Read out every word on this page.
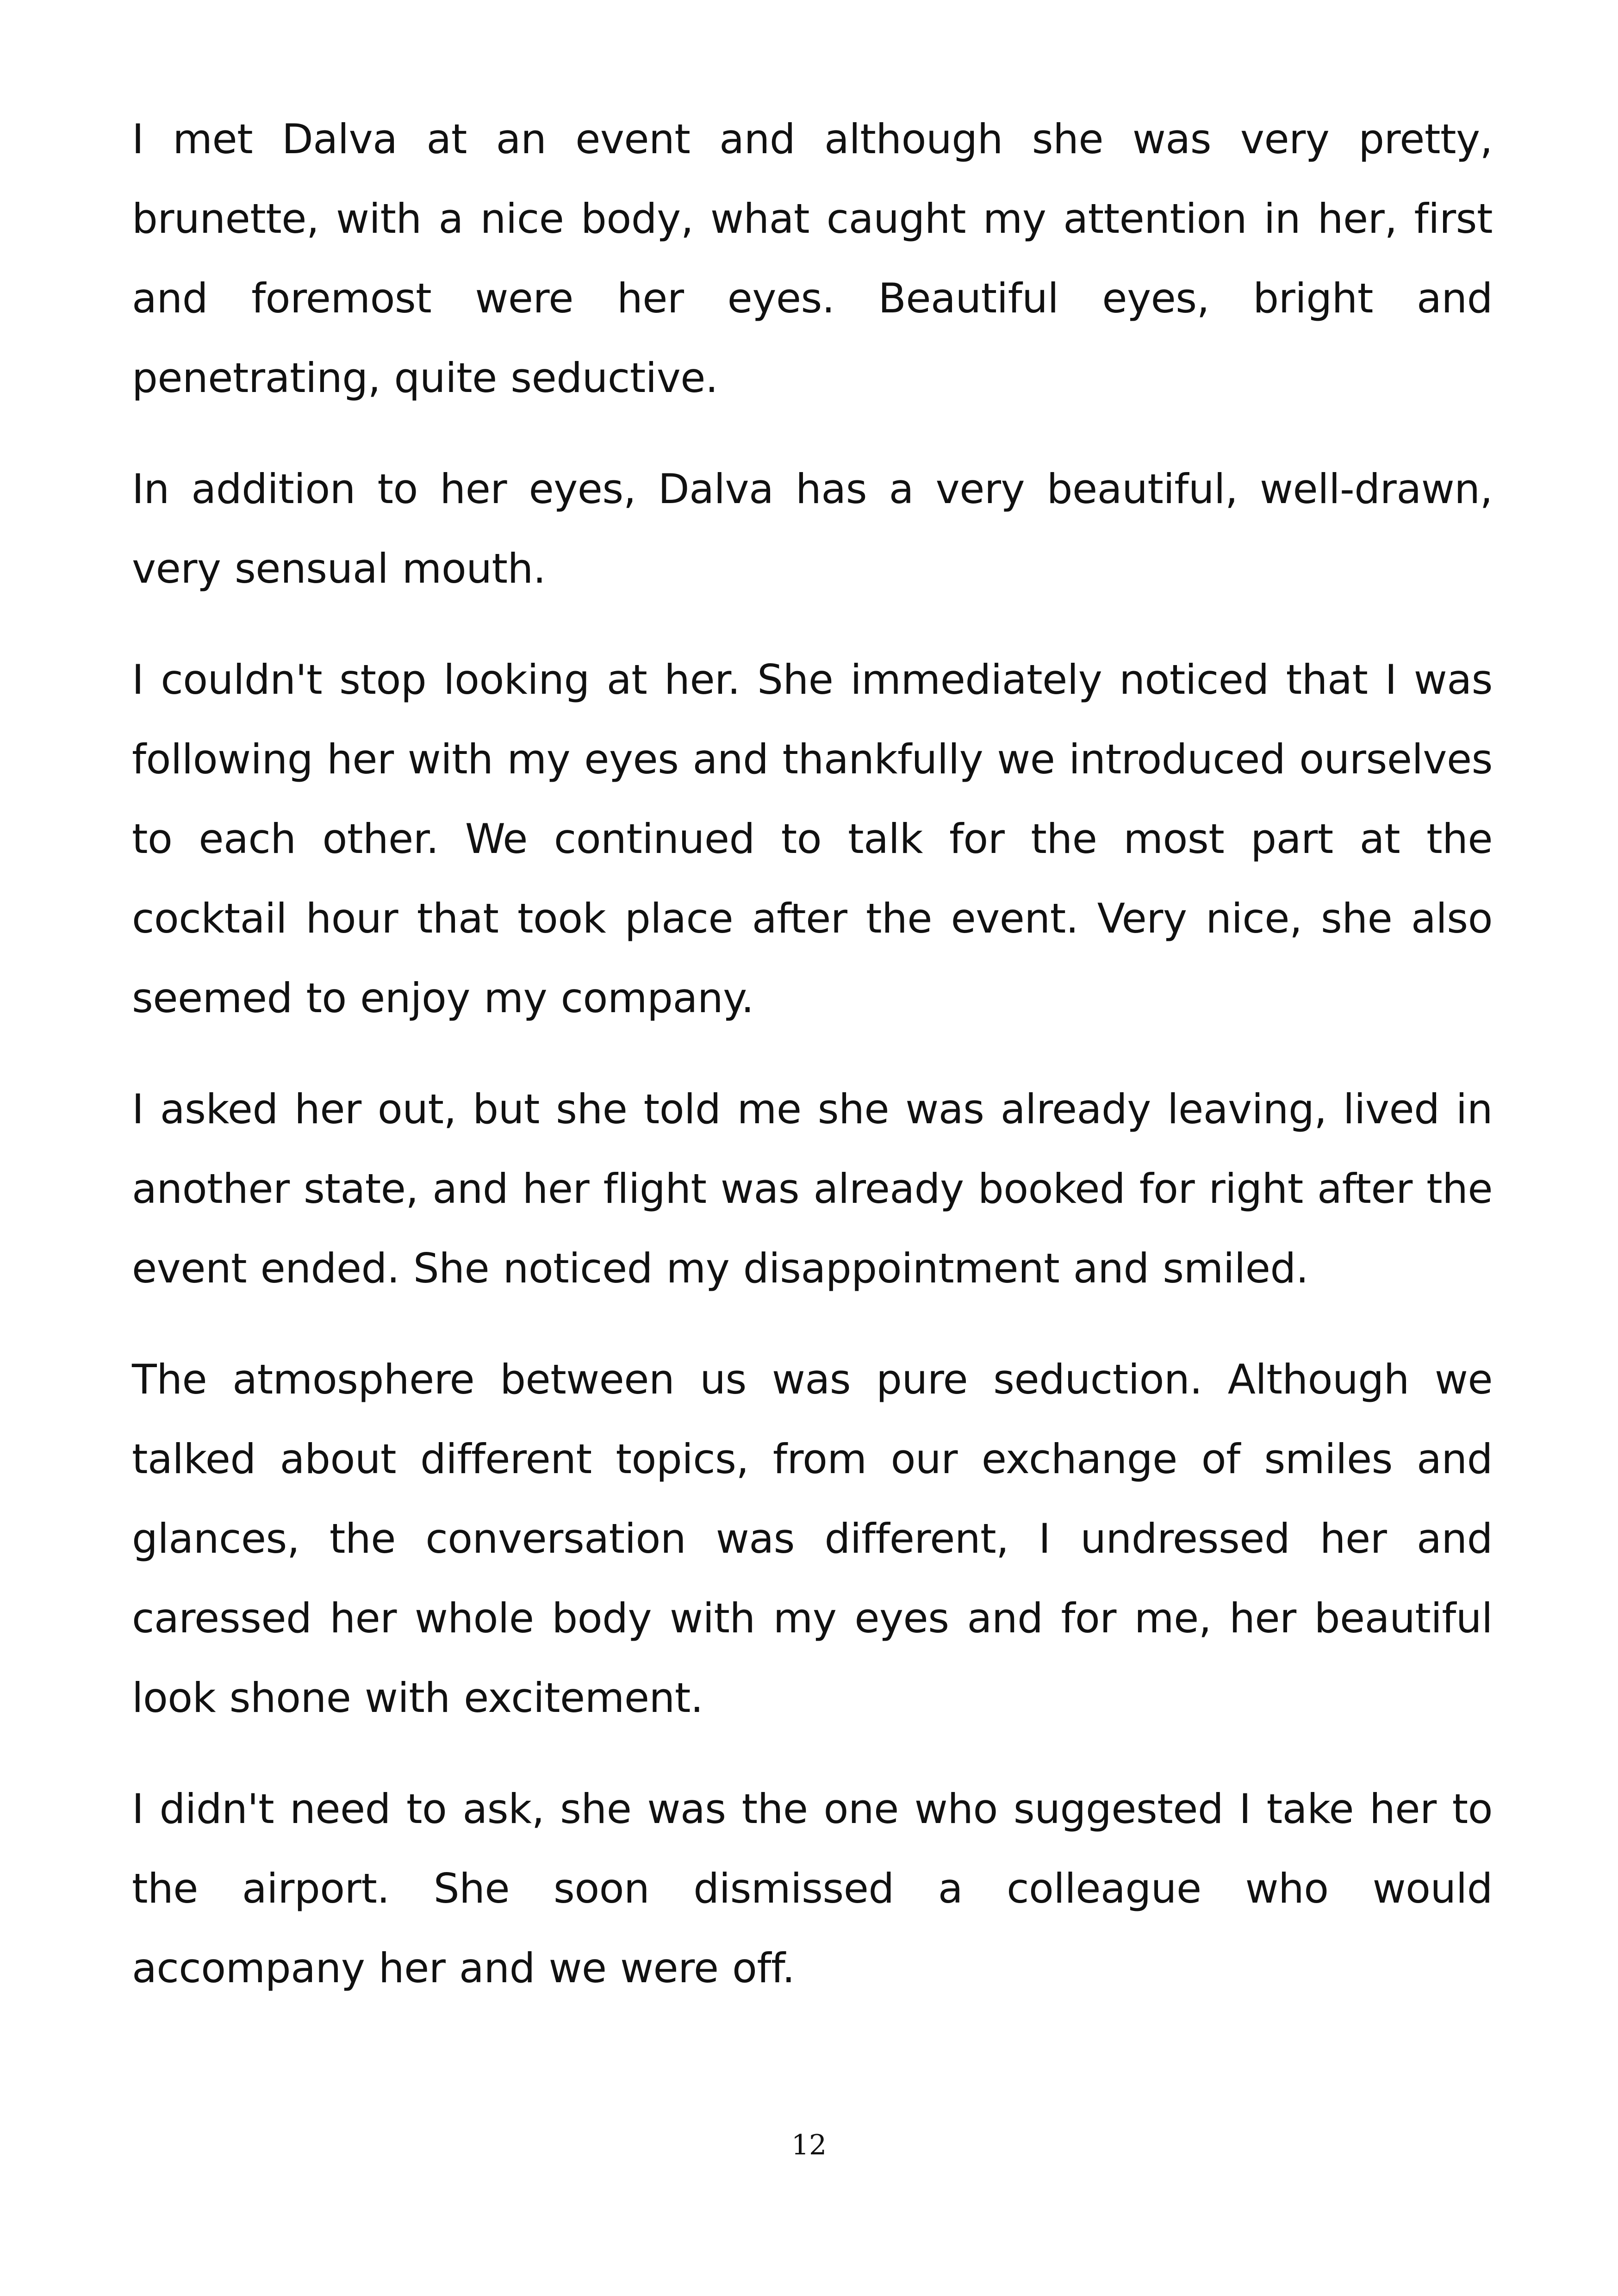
I met Dalva at an event and although she was very pretty, brunette, with a nice body, what caught my attention in her, first and foremost were her eyes. Beautiful eyes, bright and penetrating, quite seductive.

In addition to her eyes, Dalva has a very beautiful, well-drawn, very sensual mouth.

I couldn't stop looking at her. She immediately noticed that I was following her with my eyes and thankfully we introduced ourselves to each other. We continued to talk for the most part at the cocktail hour that took place after the event. Very nice, she also seemed to enjoy my company.

I asked her out, but she told me she was already leaving, lived in another state, and her flight was already booked for right after the event ended. She noticed my disappointment and smiled.

The atmosphere between us was pure seduction. Although we talked about different topics, from our exchange of smiles and glances, the conversation was different, I undressed her and caressed her whole body with my eyes and for me, her beautiful look shone with excitement.

I didn't need to ask, she was the one who suggested I take her to the airport. She soon dismissed a colleague who would accompany her and we were off.

12
